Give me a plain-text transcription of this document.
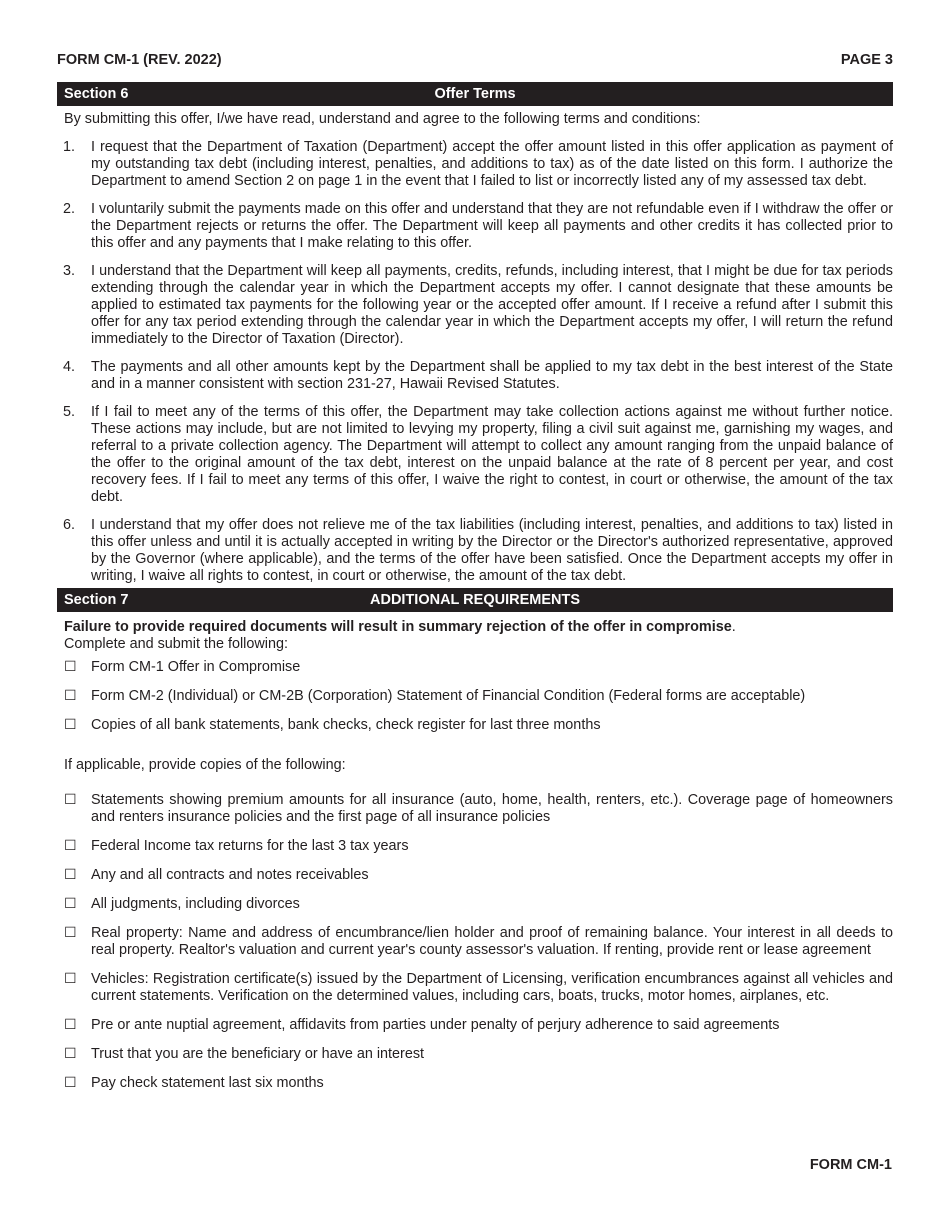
FORM CM-1 (REV. 2022)	PAGE 3
Section 6	Offer Terms
By submitting this offer, I/we have read, understand and agree to the following terms and conditions:
1.	I request that the Department of Taxation (Department) accept the offer amount listed in this offer application as payment of my outstanding tax debt (including interest, penalties, and additions to tax) as of the date listed on this form. I authorize the Department to amend Section 2 on page 1 in the event that I failed to list or incorrectly listed any of my assessed tax debt.
2.	I voluntarily submit the payments made on this offer and understand that they are not refundable even if I withdraw the offer or the Department rejects or returns the offer. The Department will keep all payments and other credits it has collected prior to this offer and any payments that I make relating to this offer.
3.	I understand that the Department will keep all payments, credits, refunds, including interest, that I might be due for tax periods extending through the calendar year in which the Department accepts my offer. I cannot designate that these amounts be applied to estimated tax payments for the following year or the accepted offer amount. If I receive a refund after I submit this offer for any tax period extending through the calendar year in which the Department accepts my offer, I will return the refund immediately to the Director of Taxation (Director).
4.	The payments and all other amounts kept by the Department shall be applied to my tax debt in the best interest of the State and in a manner consistent with section 231-27, Hawaii Revised Statutes.
5.	If I fail to meet any of the terms of this offer, the Department may take collection actions against me without further notice. These actions may include, but are not limited to levying my property, filing a civil suit against me, garnishing my wages, and referral to a private collection agency. The Department will attempt to collect any amount ranging from the unpaid balance of the offer to the original amount of the tax debt, interest on the unpaid balance at the rate of 8 percent per year, and cost recovery fees. If I fail to meet any terms of this offer, I waive the right to contest, in court or otherwise, the amount of the tax debt.
6.	I understand that my offer does not relieve me of the tax liabilities (including interest, penalties, and additions to tax) listed in this offer unless and until it is actually accepted in writing by the Director or the Director's authorized representative, approved by the Governor (where applicable), and the terms of the offer have been satisfied. Once the Department accepts my offer in writing, I waive all rights to contest, in court or otherwise, the amount of the tax debt.
Section 7	ADDITIONAL REQUIREMENTS
Failure to provide required documents will result in summary rejection of the offer in compromise.
Complete and submit the following:
☐	Form CM-1 Offer in Compromise
☐	Form CM-2 (Individual) or CM-2B (Corporation) Statement of Financial Condition (Federal forms are acceptable)
☐	Copies of all bank statements, bank checks, check register for last three months
If applicable, provide copies of the following:
☐	Statements showing premium amounts for all insurance (auto, home, health, renters, etc.). Coverage page of homeowners and renters insurance policies and the first page of all insurance policies
☐	Federal Income tax returns for the last 3 tax years
☐	Any and all contracts and notes receivables
☐	All judgments, including divorces
☐	Real property: Name and address of encumbrance/lien holder and proof of remaining balance. Your interest in all deeds to real property. Realtor's valuation and current year's county assessor's valuation. If renting, provide rent or lease agreement
☐	Vehicles: Registration certificate(s) issued by the Department of Licensing, verification encumbrances against all vehicles and current statements. Verification on the determined values, including cars, boats, trucks, motor homes, airplanes, etc.
☐	Pre or ante nuptial agreement, affidavits from parties under penalty of perjury adherence to said agreements
☐	Trust that you are the beneficiary or have an interest
☐	Pay check statement last six months
FORM CM-1
